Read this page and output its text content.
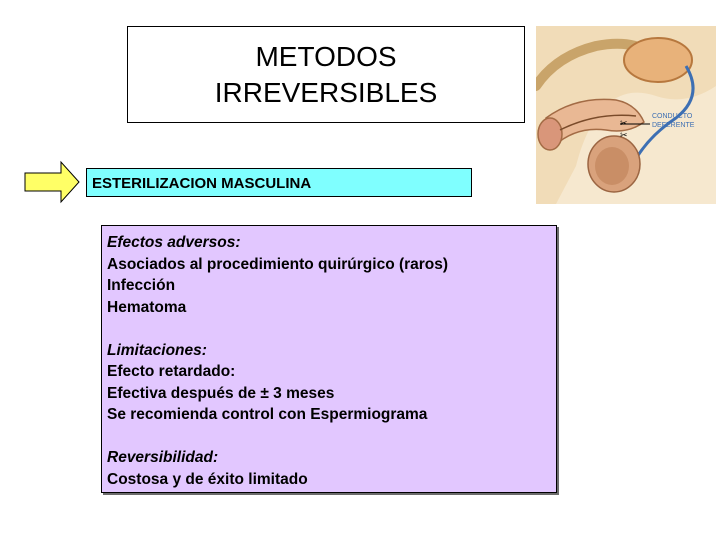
METODOS
IRREVERSIBLES
ESTERILIZACION MASCULINA
Efectos adversos:
Asociados al procedimiento quirúrgico (raros)
Infección
Hematoma
Limitaciones:
Efecto retardado:
Efectiva después de ± 3 meses
Se recomienda control con Espermiograma
Reversibilidad:
Costosa y de éxito limitado
CONDUCTO
DEFERENTE
✂
✂
